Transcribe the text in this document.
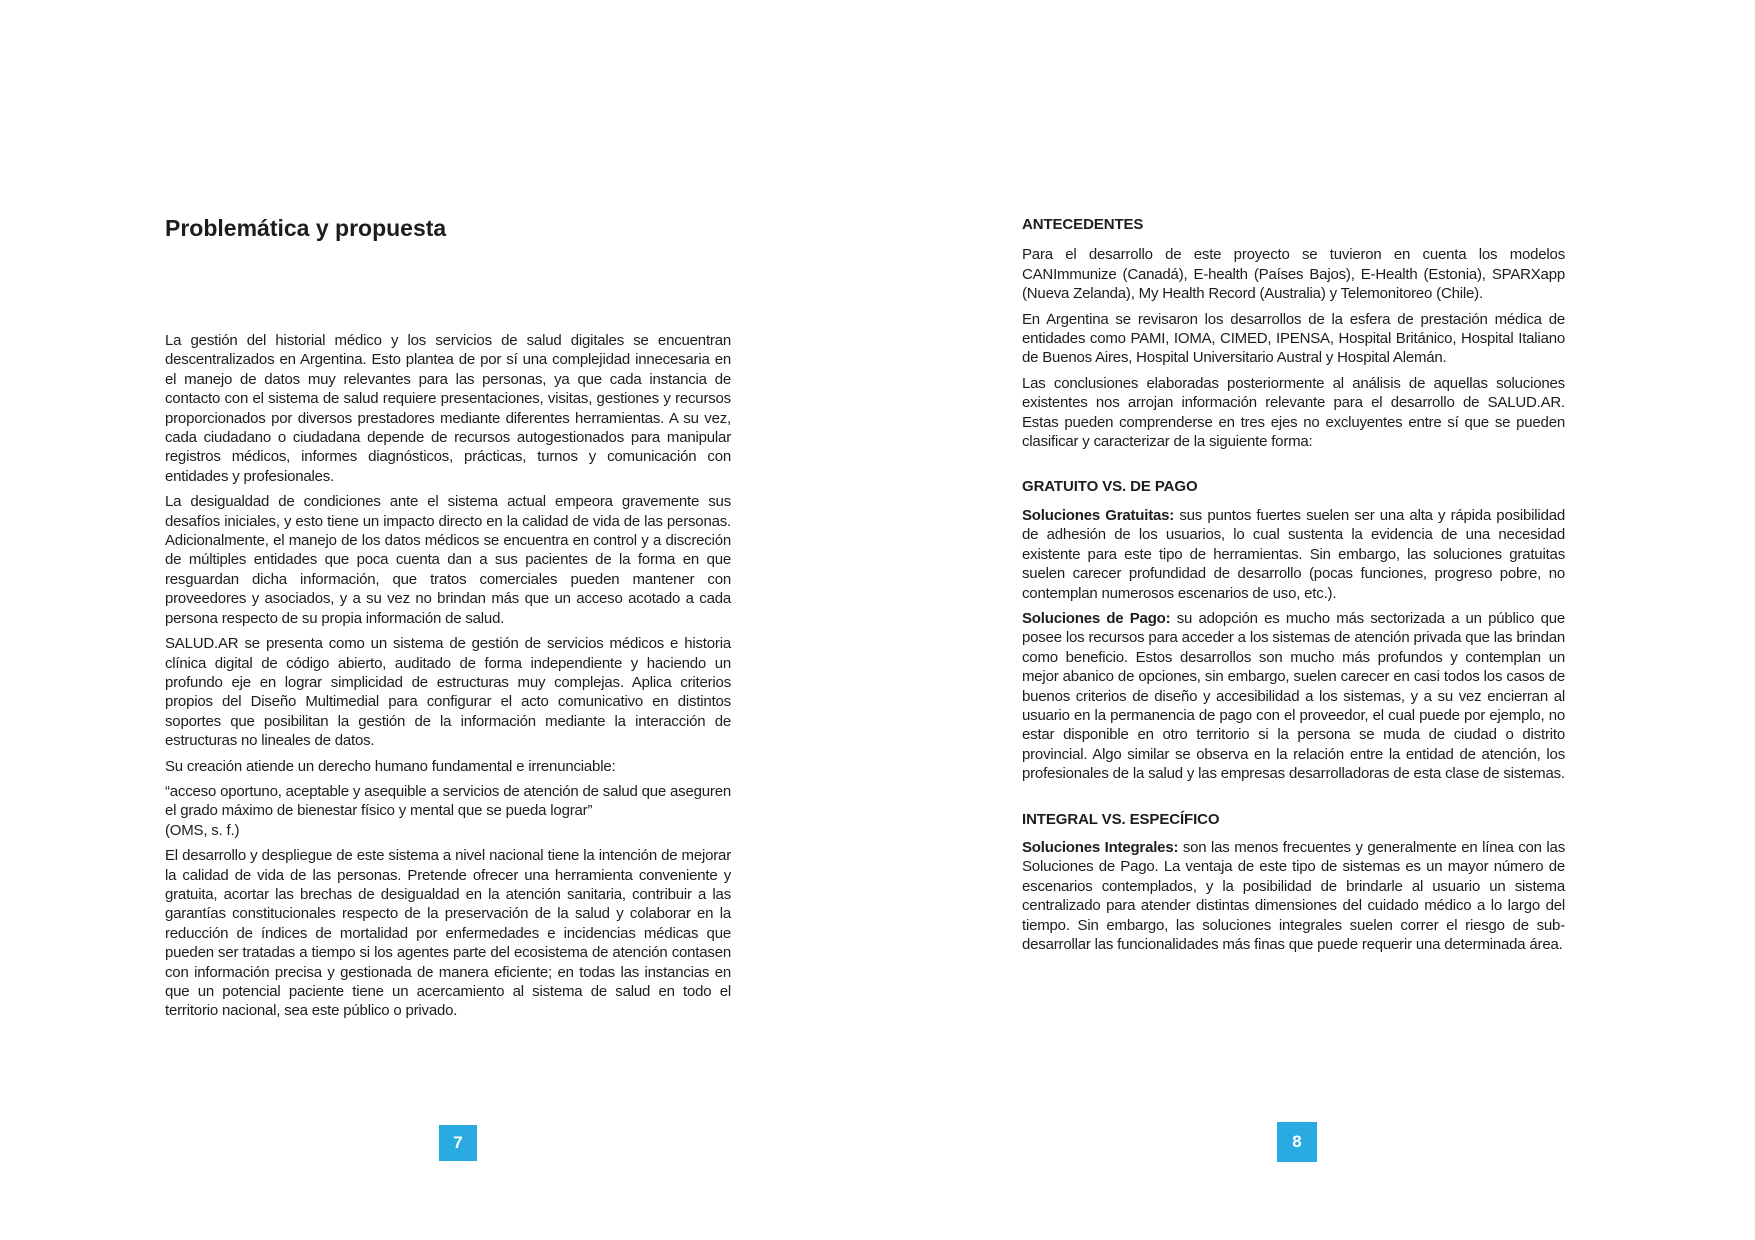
Problemática y propuesta

La gestión del historial médico y los servicios de salud digitales se encuentran descentralizados en Argentina. Esto plantea de por sí una complejidad innecesaria en el manejo de datos muy relevantes para las personas, ya que cada instancia de contacto con el sistema de salud requiere presentaciones, visitas, gestiones y recursos proporcionados por diversos prestadores mediante diferentes herramientas. A su vez, cada ciudadano o ciudadana depende de recursos autogestionados para manipular registros médicos, informes diagnósticos, prácticas, turnos y comunicación con entidades y profesionales.

La desigualdad de condiciones ante el sistema actual empeora gravemente sus desafíos iniciales, y esto tiene un impacto directo en la calidad de vida de las personas. Adicionalmente, el manejo de los datos médicos se encuentra en control y a discreción de múltiples entidades que poca cuenta dan a sus pacientes de la forma en que resguardan dicha información, que tratos comerciales pueden mantener con proveedores y asociados, y a su vez no brindan más que un acceso acotado a cada persona respecto de su propia información de salud.

SALUD.AR se presenta como un sistema de gestión de servicios médicos e historia clínica digital de código abierto, auditado de forma independiente y haciendo un profundo eje en lograr simplicidad de estructuras muy complejas. Aplica criterios propios del Diseño Multimedial para configurar el acto comunicativo en distintos soportes que posibilitan la gestión de la información mediante la interacción de estructuras no lineales de datos.

Su creación atiende un derecho humano fundamental e irrenunciable:

“acceso oportuno, aceptable y asequible a servicios de atención de salud que aseguren el grado máximo de bienestar físico y mental que se pueda lograr”
(OMS, s. f.)

El desarrollo y despliegue de este sistema a nivel nacional tiene la intención de mejorar la calidad de vida de las personas. Pretende ofrecer una herramienta conveniente y gratuita, acortar las brechas de desigualdad en la atención sanitaria, contribuir a las garantías constitucionales respecto de la preservación de la salud y colaborar en la reducción de índices de mortalidad por enfermedades e incidencias médicas que pueden ser tratadas a tiempo si los agentes parte del ecosistema de atención contasen con información precisa y gestionada de manera eficiente; en todas las instancias en que un potencial paciente tiene un acercamiento al sistema de salud en todo el territorio nacional, sea este público o privado.

ANTECEDENTES

Para el desarrollo de este proyecto se tuvieron en cuenta los modelos CANImmunize (Canadá), E-health (Países Bajos), E-Health (Estonia), SPARXapp (Nueva Zelanda), My Health Record (Australia) y Telemonitoreo (Chile).

En Argentina se revisaron los desarrollos de la esfera de prestación médica de entidades como PAMI, IOMA, CIMED, IPENSA, Hospital Británico, Hospital Italiano de Buenos Aires, Hospital Universitario Austral y Hospital Alemán.

Las conclusiones elaboradas posteriormente al análisis de aquellas soluciones existentes nos arrojan información relevante para el desarrollo de SALUD.AR. Estas pueden comprenderse en tres ejes no excluyentes entre sí que se pueden clasificar y caracterizar de la siguiente forma:

GRATUITO VS. DE PAGO

Soluciones Gratuitas: sus puntos fuertes suelen ser una alta y rápida posibilidad de adhesión de los usuarios, lo cual sustenta la evidencia de una necesidad existente para este tipo de herramientas. Sin embargo, las soluciones gratuitas suelen carecer profundidad de desarrollo (pocas funciones, progreso pobre, no contemplan numerosos escenarios de uso, etc.).

Soluciones de Pago: su adopción es mucho más sectorizada a un público que posee los recursos para acceder a los sistemas de atención privada que las brindan como beneficio. Estos desarrollos son mucho más profundos y contemplan un mejor abanico de opciones, sin embargo, suelen carecer en casi todos los casos de buenos criterios de diseño y accesibilidad a los sistemas, y a su vez encierran al usuario en la permanencia de pago con el proveedor, el cual puede por ejemplo, no estar disponible en otro territorio si la persona se muda de ciudad o distrito provincial. Algo similar se observa en la relación entre la entidad de atención, los profesionales de la salud y las empresas desarrolladoras de esta clase de sistemas.

INTEGRAL VS. ESPECÍFICO

Soluciones Integrales: son las menos frecuentes y generalmente en línea con las Soluciones de Pago. La ventaja de este tipo de sistemas es un mayor número de escenarios contemplados, y la posibilidad de brindarle al usuario un sistema centralizado para atender distintas dimensiones del cuidado médico a lo largo del tiempo. Sin embargo, las soluciones integrales suelen correr el riesgo de sub-desarrollar las funcionalidades más finas que puede requerir una determinada área.

7	8
